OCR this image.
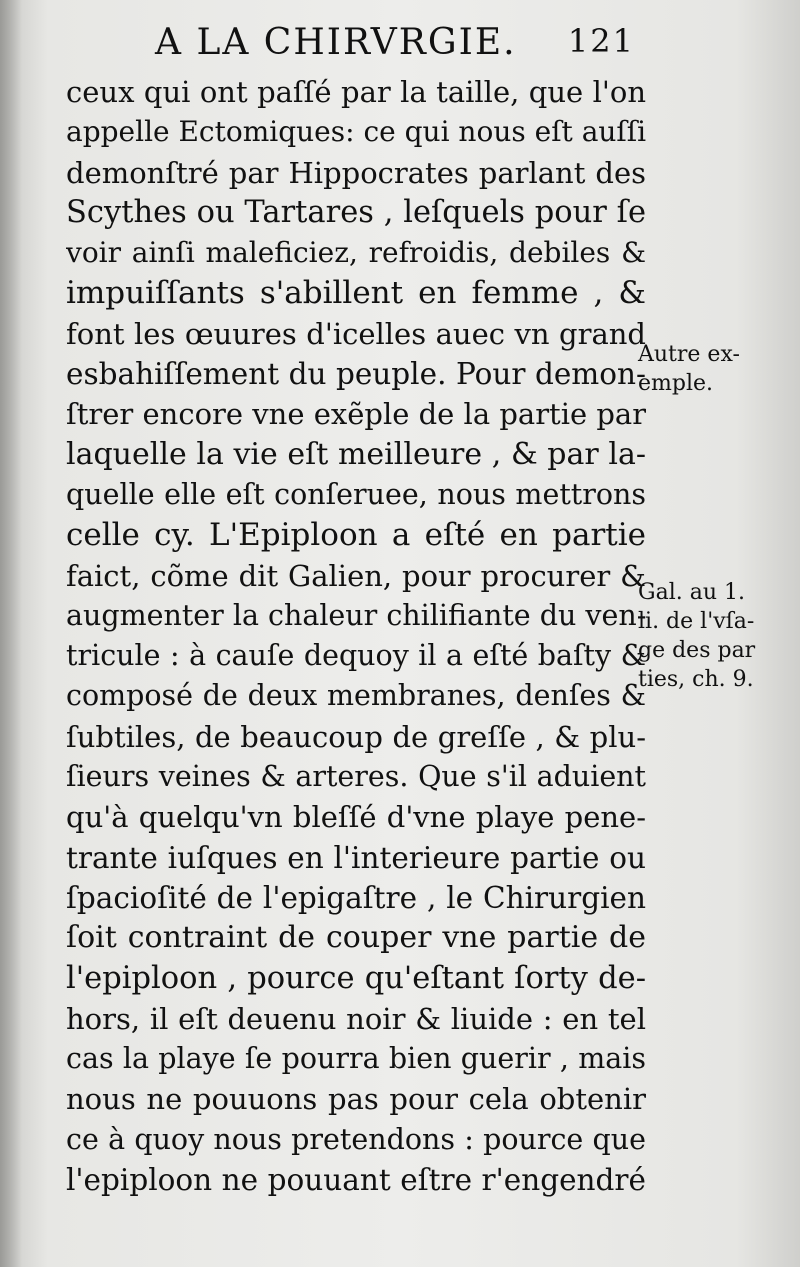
A LA CHIRVRGIE. 121
ceux qui ont paſſé par la taille, que l'on
appelle Ectomiques: ce qui nous eſt auſſi
demonſtré par Hippocrates parlant des
Scythes ou Tartares , leſquels pour ſe
voir ainſi maleficiez, refroidis, debiles &
impuiſſants s'abillent en femme , &
font les œuures d'icelles auec vn grand
esbahiſſement du peuple. Pour demon-
ſtrer encore vne exẽple de la partie par
laquelle la vie eſt meilleure , & par la-
quelle elle eſt conſeruee, nous mettrons
celle cy. L'Epiploon a eſté en partie
faict, cõme dit Galien, pour procurer &
augmenter la chaleur chilifiante du ven-
tricule : à cauſe dequoy il a eſté baſty &
composé de deux membranes, denſes &
ſubtiles, de beaucoup de greſſe , & plu-
ſieurs veines & arteres. Que s'il aduient
qu'à quelqu'vn bleſſé d'vne playe pene-
trante iuſques en l'interieure partie ou
ſpacioſité de l'epigaſtre , le Chirurgien
ſoit contraint de couper vne partie de
l'epiploon , pource qu'eſtant ſorty de-
hors, il eſt deuenu noir & liuide : en tel
cas la playe ſe pourra bien guerir , mais
nous ne pouuons pas pour cela obtenir
ce à quoy nous pretendons : pource que
l'epiploon ne pouuant eſtre r'engendré
Autre ex-
emple.
Gal. au 1.
li. de l'vſa-
ge des par
ties, ch. 9.
